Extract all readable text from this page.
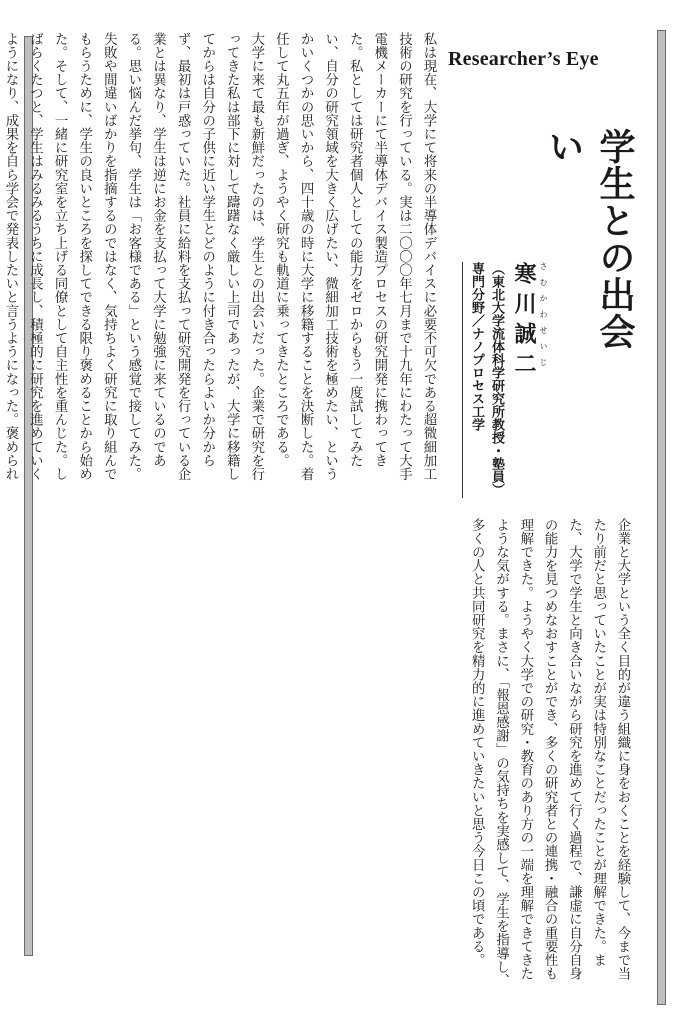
Researcher’s Eye
学生との出会い
さむかわせいじ
寒川誠二
（東北大学流体科学研究所教授・塾員）
専門分野／ナノプロセス工学
私は現在、大学にて将来の半導体デバイスに必要不可欠である超微細加工技術の研究を行っている。実は二〇〇〇年七月まで十九年にわたって大手電機メーカーにて半導体デバイス製造プロセスの研究開発に携わってきた。私としては研究者個人としての能力をゼロからもう一度試してみたい、自分の研究領域を大きく広げたい、微細加工技術を極めたい、というかいくつかの思いから、四十歳の時に大学に移籍することを決断した。着任して丸五年が過ぎ、ようやく研究も軌道に乗ってきたところである。
大学に来て最も新鮮だったのは、学生との出会いだった。企業で研究を行ってきた私は部下に対して躊躇なく厳しい上司であったが、大学に移籍してからは自分の子供に近い学生とどのように付き合ったらよいか分からず、最初は戸惑っていた。社員に給料を支払って研究開発を行っている企業とは異なり、学生は逆にお金を支払って大学に勉強に来ているのである。思い悩んだ挙句、学生は「お客様である」という感覚で接してみた。失敗や間違いばかりを指摘するのではなく、気持ちよく研究に取り組んでもらうために、学生の良いところを探してできる限り褒めることから始めた。そして、一緒に研究室を立ち上げる同僚として自主性を重んじた。しばらくたつと、学生はみるみるうちに成長し、積極的に研究を進めていくようになり、成果を自ら学会で発表したいと言うようになった。褒められ
企業と大学という全く目的が違う組織に身をおくことを経験して、今まで当たり前だと思っていたことが実は特別なことだったことが理解できた。また、大学で学生と向き合いながら研究を進めて行く過程で、謙虚に自分自身の能力を見つめなおすことができ、多くの研究者との連携・融合の重要性も理解できた。ようやく大学での研究・教育のあり方の一端を理解できてきたような気がする。まさに、「報恩感謝」の気持ちを実感して、学生を指導し、多くの人と共同研究を精力的に進めていきたいと思う今日この頃である。
